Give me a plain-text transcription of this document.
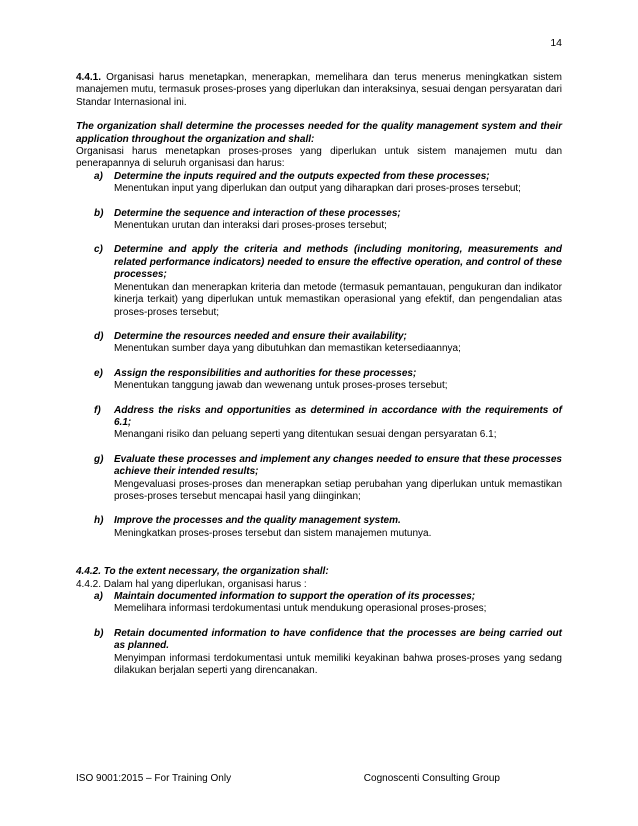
14

4.4.1. Organisasi harus menetapkan, menerapkan, memelihara dan terus menerus meningkatkan sistem manajemen mutu, termasuk proses-proses yang diperlukan dan interaksinya, sesuai dengan persyaratan dari Standar Internasional ini.

The organization shall determine the processes needed for the quality management system and their application throughout the organization and shall:

Organisasi harus menetapkan proses-proses yang diperlukan untuk sistem manajemen mutu dan penerapannya di seluruh organisasi dan harus:

a)	Determine the inputs required and the outputs expected from these processes;
Menentukan input yang diperlukan dan output yang diharapkan dari proses-proses tersebut;
b)	Determine the sequence and interaction of these processes;
Menentukan urutan dan interaksi dari proses-proses tersebut;
c)	Determine and apply the criteria and methods (including monitoring, measurements and related performance indicators) needed to ensure the effective operation, and control of these processes;
Menentukan dan menerapkan kriteria dan metode (termasuk pemantauan, pengukuran dan indikator kinerja terkait) yang diperlukan untuk memastikan operasional yang efektif, dan pengendalian atas proses-proses tersebut;
d)	Determine the resources needed and ensure their availability;
Menentukan sumber daya yang dibutuhkan dan memastikan ketersediaannya;
e)	Assign the responsibilities and authorities for these processes;
Menentukan tanggung jawab dan wewenang untuk proses-proses tersebut;
f)	Address the risks and opportunities as determined in accordance with the requirements of 6.1;
Menangani risiko dan peluang seperti yang ditentukan sesuai dengan persyaratan 6.1;
g)	Evaluate these processes and implement any changes needed to ensure that these processes achieve their intended results;
Mengevaluasi proses-proses dan menerapkan setiap perubahan yang diperlukan untuk memastikan proses-proses tersebut mencapai hasil yang diinginkan;
h)	Improve the processes and the quality management system.
Meningkatkan proses-proses tersebut dan sistem manajemen mutunya.

4.4.2. To the extent necessary, the organization shall:

4.4.2. Dalam hal yang diperlukan, organisasi harus :

a)	Maintain documented information to support the operation of its processes;
Memelihara informasi terdokumentasi untuk mendukung operasional proses-proses;
b)	Retain documented information to have confidence that the processes are being carried out as planned.
Menyimpan informasi terdokumentasi untuk memiliki keyakinan bahwa proses-proses yang sedang dilakukan berjalan seperti yang direncanakan.
ISO 9001:2015 – For Training Only	Cognoscenti Consulting Group
